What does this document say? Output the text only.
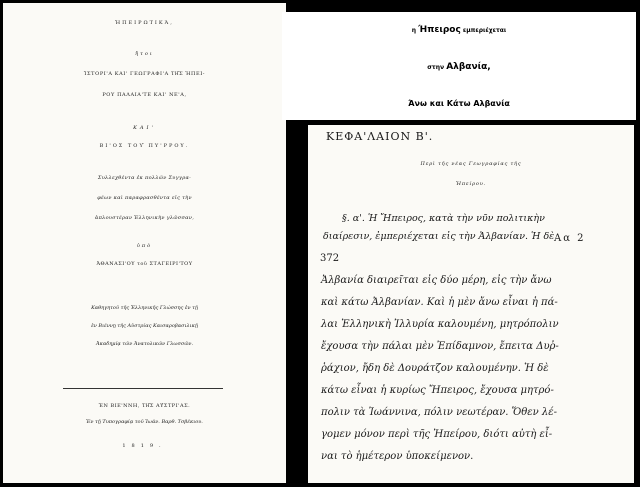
ἩΠΕΙΡΩΤΙΚᾺ,
ἤτοι
ἹΣΤΟΡΙ'Α ΚΑΙ' ΓΕΩΓΡΑΦΙ'Α ΤΗ͂Σ ἩΠΕΙ-
ΡΟΥ ΠΑΛΑΙΑ'ΤΕ ΚΑΙ' ΝΕ'Α,
ΚΑΙ'
ΒΙ'ΟΣ ΤΟΥ͂ ΠΥ'ΡΡΟΥ.
Συλλεχθέντα ἐκ πολλῶν Συγγρα-
φέων καὶ παραφρασθέντα εἰς τὴν
ἁπλουστέραν Ἑλληνικὴν γλῶσσαν,
ὑπὸ
ἈΘΑΝΑΣΙ'ΟΥ τοῦ ΣΤΑΓΕΙΡΙ'ΤΟΥ
Καθηγητοῦ τῆς Ἑλληνικῆς Γλώσσης ἐν τῇ
ἐν Βιέννῃ τῆς Αὐστρίας Καισαροβασιλικῇ
Ἀκαδημίᾳ τῶν Ἀνατολικῶν Γλωσσῶν.
ἘΝ ΒΙΕ'ΝΝΗ, ΤΗ͂Σ ΑΥ̓ΣΤΡΙ'ΑΣ.
Ἐν τῇ Τυπογραφίᾳ τοῦ Ἰωάν. Βαρθ. Τσβέκιου.
1819.
η Ήπειρος εμπεριέχεται
στην Αλβανία,
Άνω και Κάτω Αλβανία
ΚΕΦΑ'ΛΑΙΟΝ Β'.
Περὶ τῆς νέας Γεωγραφίας τῆς
Ἠπείρου.
§. α'. Ἡ Ἤπειρος, κατὰ τὴν νῦν πολιτικὴν
διαίρεσιν, ἐμπεριέχεται εἰς τὴν Ἀλβανίαν. Ἡ δὲ Αα 2
372
Ἀλβανία διαιρεῖται εἰς δύο μέρη, εἰς τὴν ἄνω
καὶ κάτω Ἀλβανίαν. Καὶ ἡ μὲν ἄνω εἶναι ἡ πά-
λαι Ἑλληνικὴ Ἰλλυρία καλουμένη, μητρόπολιν
ἔχουσα τὴν πάλαι μὲν Ἐπίδαμνον, ἔπειτα Δυῤ-
ῥάχιον, ἤδη δὲ Δουράτζον καλουμένην. Ἡ δὲ
κάτω εἶναι ἡ κυρίως Ἤπειρος, ἔχουσα μητρό-
πολιν τὰ Ἰωάννινα, πόλιν νεωτέραν. Ὅθεν λέ-
γομεν μόνον περὶ τῆς Ἠπείρου, διότι αὐτὴ εἶ-
ναι τὸ ἡμέτερον ὑποκείμενον.
